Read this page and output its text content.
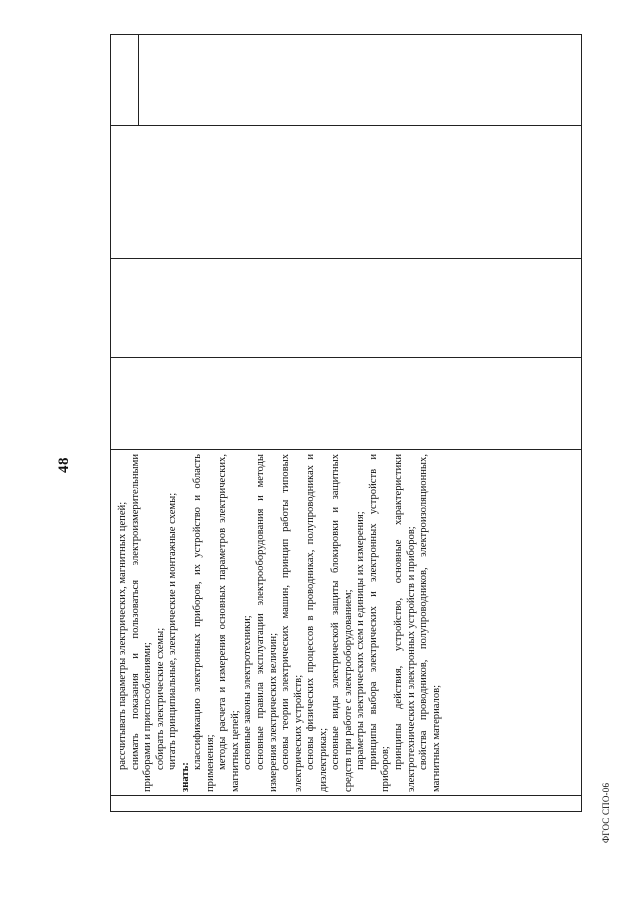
48
рассчитывать параметры электрических, магнитных цепей; снимать показания и пользоваться электроизмерительными приборами и приспособлениями; собирать электрические схемы; читать принципиальные, электрические и монтажные схемы;
знать:
классификацию электронных приборов, их устройство и область применения; методы расчета и измерения основных параметров электрических, магнитных цепей; основные законы электротехники; основные правила эксплуатации электрооборудования и методы измерения электрических величин; основы теории электрических машин, принцип работы типовых электрических устройств; основы физических процессов в проводниках, полупроводниках и диэлектриках; основные виды электрической защиты блокировки и защитных средств при работе с электрооборудованием; параметры электрических схем и единицы их измерения; принципы выбора электрических и электронных устройств и приборов; принципы действия, устройство, основные характеристики электротехнических и электронных устройств и приборов; свойства проводников, полупроводников, электроизоляционных, магнитных материалов;
ФГОС СПО-06
